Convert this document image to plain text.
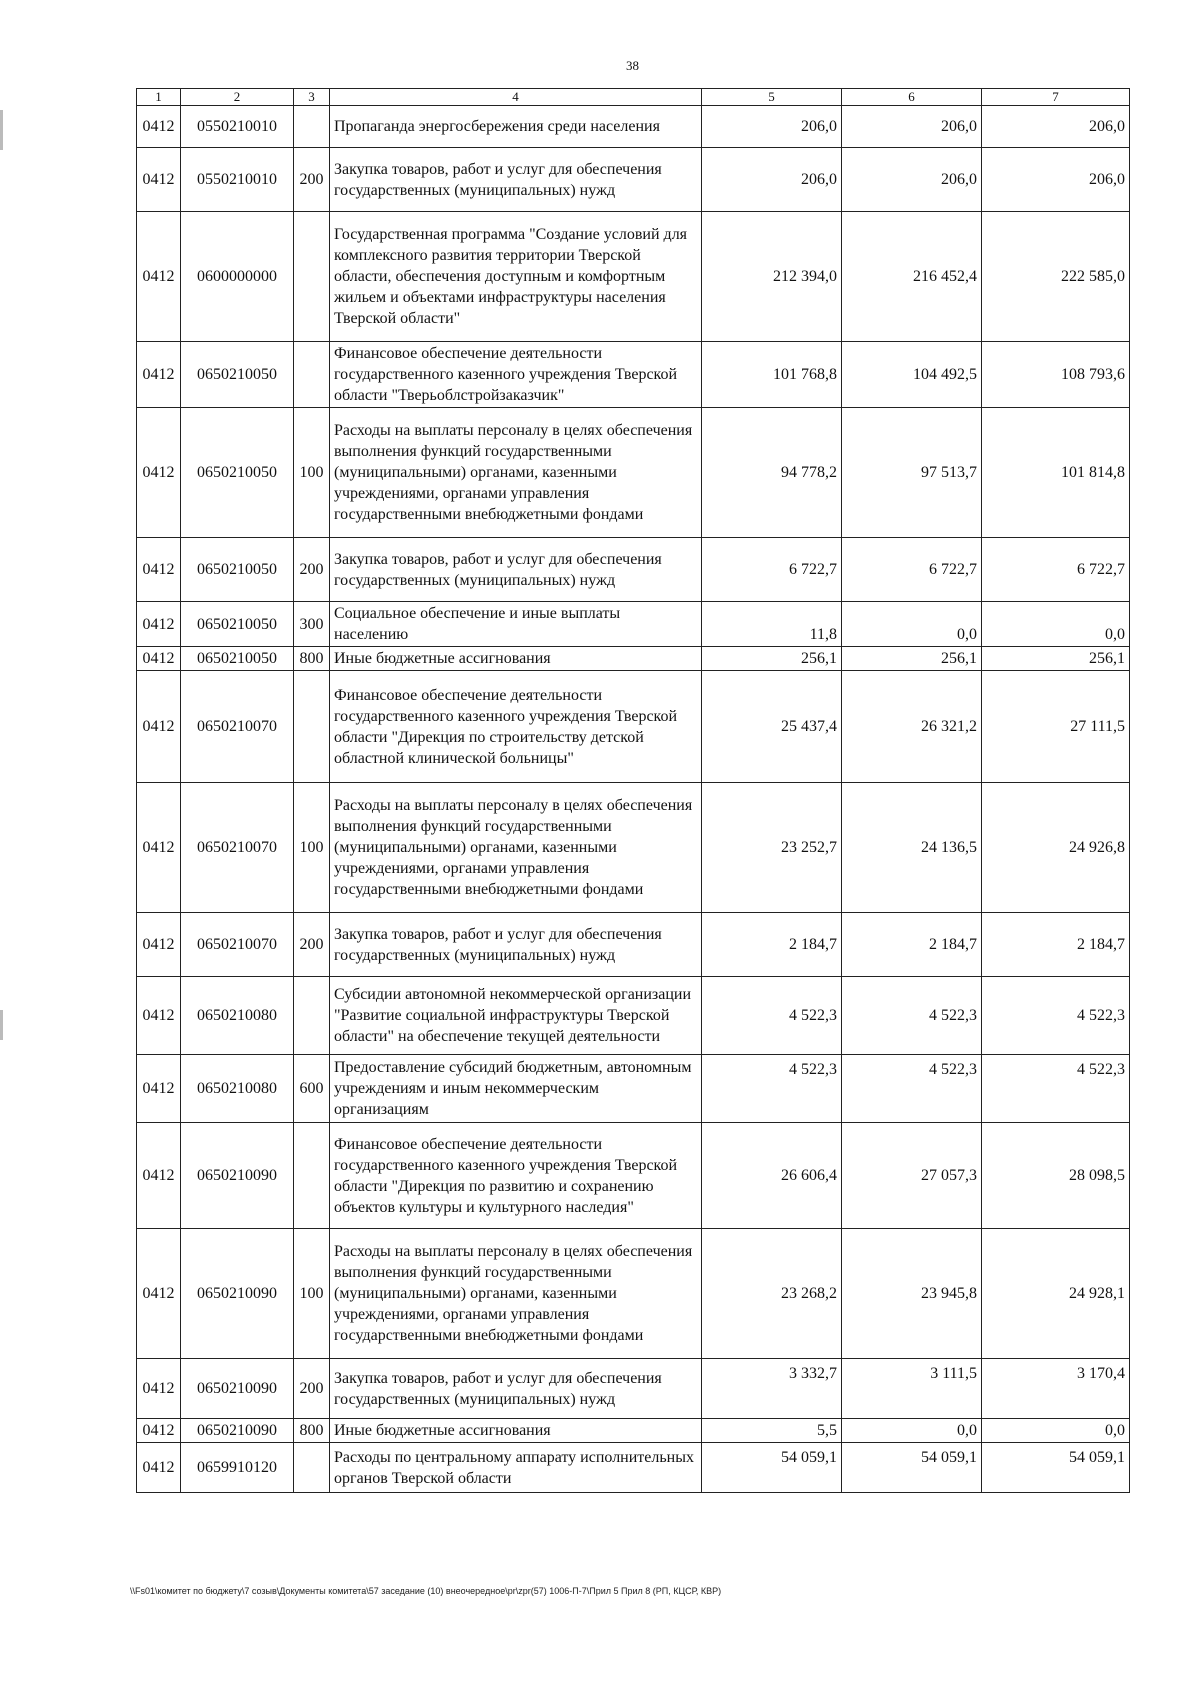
38
1	2	3	4	5	6	7
0412	0550210010		Пропаганда энергосбережения среди населения	206,0	206,0	206,0
0412	0550210010	200	Закупка товаров, работ и услуг для обеспечения государственных (муниципальных) нужд	206,0	206,0	206,0
0412	0600000000		Государственная программа "Создание условий для комплексного развития территории Тверской области, обеспечения доступным и комфортным жильем и объектами инфраструктуры населения Тверской области"	212 394,0	216 452,4	222 585,0
0412	0650210050		Финансовое обеспечение деятельности государственного казенного учреждения Тверской области "Тверьоблстройзаказчик"	101 768,8	104 492,5	108 793,6
0412	0650210050	100	Расходы на выплаты персоналу в целях обеспечения выполнения функций государственными (муниципальными) органами, казенными учреждениями, органами управления государственными внебюджетными фондами	94 778,2	97 513,7	101 814,8
0412	0650210050	200	Закупка товаров, работ и услуг для обеспечения государственных (муниципальных) нужд	6 722,7	6 722,7	6 722,7
0412	0650210050	300	Социальное обеспечение и иные выплаты населению	11,8	0,0	0,0
0412	0650210050	800	Иные бюджетные ассигнования	256,1	256,1	256,1
0412	0650210070		Финансовое обеспечение деятельности государственного казенного учреждения Тверской области "Дирекция по строительству детской областной клинической больницы"	25 437,4	26 321,2	27 111,5
0412	0650210070	100	Расходы на выплаты персоналу в целях обеспечения выполнения функций государственными (муниципальными) органами, казенными учреждениями, органами управления государственными внебюджетными фондами	23 252,7	24 136,5	24 926,8
0412	0650210070	200	Закупка товаров, работ и услуг для обеспечения государственных (муниципальных) нужд	2 184,7	2 184,7	2 184,7
0412	0650210080		Субсидии автономной некоммерческой организации "Развитие социальной инфраструктуры Тверской области" на обеспечение текущей деятельности	4 522,3	4 522,3	4 522,3
0412	0650210080	600	Предоставление субсидий бюджетным, автономным учреждениям и иным некоммерческим организациям	4 522,3	4 522,3	4 522,3
0412	0650210090		Финансовое обеспечение деятельности государственного казенного учреждения Тверской области "Дирекция по развитию и сохранению объектов культуры и культурного наследия"	26 606,4	27 057,3	28 098,5
0412	0650210090	100	Расходы на выплаты персоналу в целях обеспечения выполнения функций государственными (муниципальными) органами, казенными учреждениями, органами управления государственными внебюджетными фондами	23 268,2	23 945,8	24 928,1
0412	0650210090	200	Закупка товаров, работ и услуг для обеспечения государственных (муниципальных) нужд	3 332,7	3 111,5	3 170,4
0412	0650210090	800	Иные бюджетные ассигнования	5,5	0,0	0,0
0412	0659910120		Расходы по центральному аппарату исполнительных органов Тверской области	54 059,1	54 059,1	54 059,1
\\Fs01\комитет по бюджету\7 созыв\Документы комитета\57 заседание (10) внеочередное\pr\zpr(57) 1006-П-7\Прил 5 Прил 8 (РП, КЦСР, КВР)
